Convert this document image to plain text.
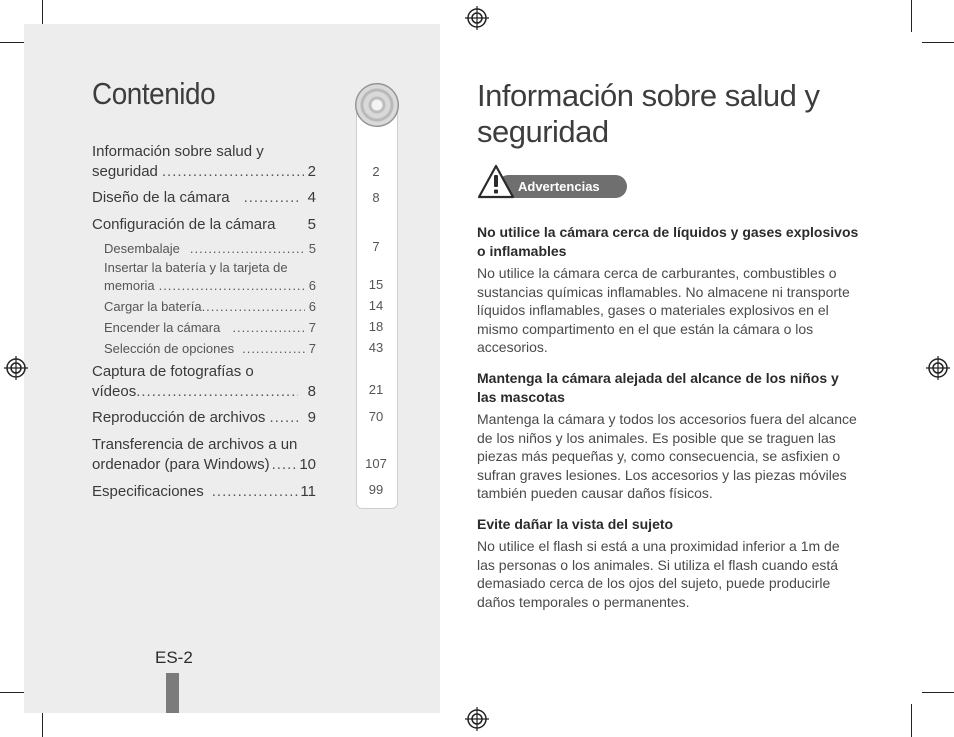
Contenido
Información sobre salud y
seguridad .....	2
Diseño de la cámara .....	4
Configuración de la cámara 5
Desembalaje .....	5
Insertar la batería y la tarjeta de
memoria .....	6
Cargar la batería .....	6
Encender la cámara .....	7
Selección de opciones .....	7
Captura de fotografías o
vídeos .....	8
Reproducción de archivos .....	9
Transferencia de archivos a un
ordenador (para Windows) ..... 10
Especificaciones .....	11
2
8
7
15
14
18
43
21
70
107
99
ES-2
Información sobre salud y seguridad
Advertencias
No utilice la cámara cerca de líquidos y gases explosivos o inflamables

No utilice la cámara cerca de carburantes, combustibles o sustancias químicas inflamables. No almacene ni transporte líquidos inflamables, gases o materiales explosivos en el mismo compartimento en el que están la cámara o los accesorios.

Mantenga la cámara alejada del alcance de los niños y las mascotas

Mantenga la cámara y todos los accesorios fuera del alcance de los niños y los animales. Es posible que se traguen las piezas más pequeñas y, como consecuencia, se asfixien o sufran graves lesiones. Los accesorios y las piezas móviles también pueden causar daños físicos.

Evite dañar la vista del sujeto

No utilice el flash si está a una proximidad inferior a 1m de las personas o los animales. Si utiliza el flash cuando está demasiado cerca de los ojos del sujeto, puede producirle daños temporales o permanentes.
